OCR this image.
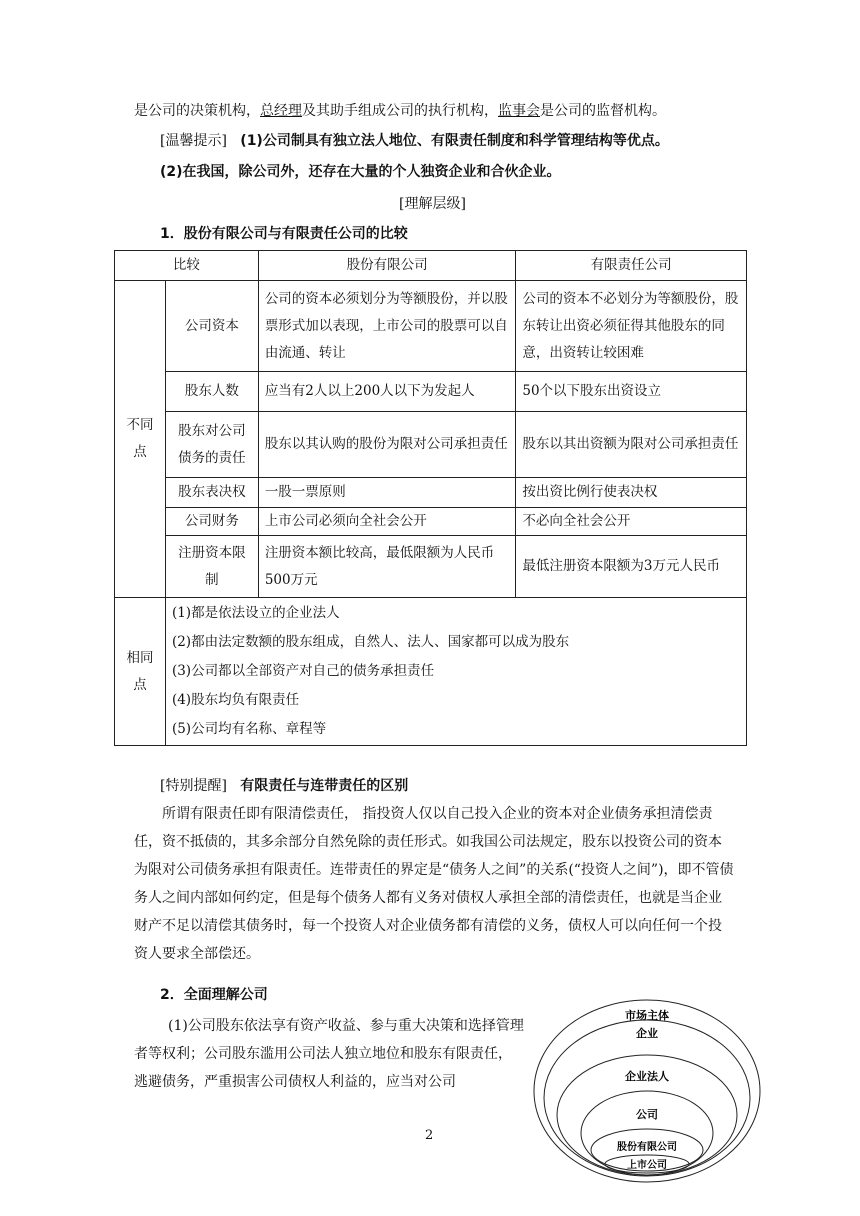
是公司的决策机构，总经理及其助手组成公司的执行机构，监事会是公司的监督机构。
[温馨提示] (1)公司制具有独立法人地位、有限责任制度和科学管理结构等优点。
(2)在我国，除公司外，还存在大量的个人独资企业和合伙企业。
[理解层级]
1．股份有限公司与有限责任公司的比较
比较		股份有限公司	有限责任公司
不同点	公司资本	公司的资本必须划分为等额股份，并以股票形式加以表现，上市公司的股票可以自由流通、转让	公司的资本不必划分为等额股份，股东转让出资必须征得其他股东的同意，出资转让较困难
	股东人数	应当有2人以上200人以下为发起人	50个以下股东出资设立
	股东对公司债务的责任	股东以其认购的股份为限对公司承担责任	股东以其出资额为限对公司承担责任
	股东表决权	一股一票原则	按出资比例行使表决权
	公司财务	上市公司必须向全社会公开	不必向全社会公开
	注册资本限制	注册资本额比较高，最低限额为人民币500万元	最低注册资本限额为3万元人民币
相同点	(1)都是依法设立的企业法人
(2)都由法定数额的股东组成，自然人、法人、国家都可以成为股东
(3)公司都以全部资产对自己的债务承担责任
(4)股东均负有限责任
(5)公司均有名称、章程等		
[特别提醒] 有限责任与连带责任的区别

所谓有限责任即有限清偿责任， 指投资人仅以自己投入企业的资本对企业债务承担清偿责任，资不抵债的，其多余部分自然免除的责任形式。如我国公司法规定，股东以投资公司的资本为限对公司债务承担有限责任。连带责任的界定是“债务人之间”的关系(“投资人之间”)，即不管债务人之间内部如何约定，但是每个债务人都有义务对债权人承担全部的清偿责任，也就是当企业财产不足以清偿其债务时，每一个投资人对企业债务都有清偿的义务，债权人可以向任何一个投资人要求全部偿还。

2．全面理解公司

(1)公司股东依法享有资产收益、参与重大决策和选择管理者等权利；公司股东滥用公司法人独立地位和股东有限责任，逃避债务，严重损害公司债权人利益的，应当对公司

市场主体
企业
企业法人
公司
股份有限公司
上市公司
2
